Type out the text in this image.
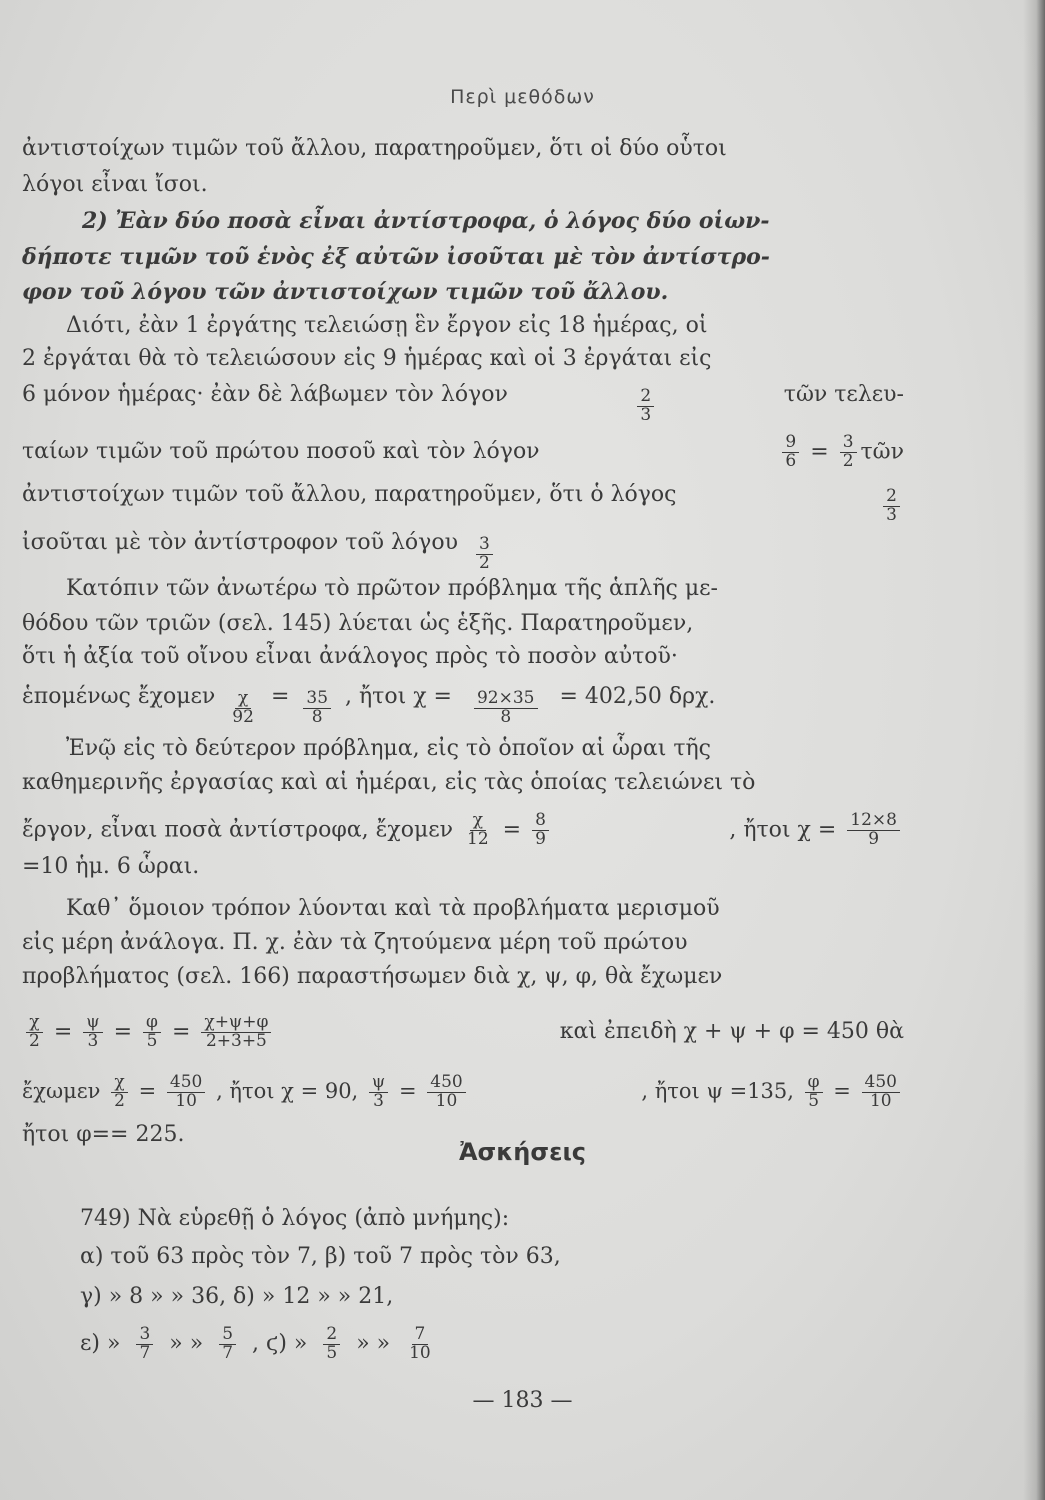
Περὶ μεθόδων
ἀντιστοίχων τιμῶν τοῦ ἄλλου, παρατηροῦμεν, ὅτι οἱ δύο οὗτοι
λόγοι εἶναι ἴσοι.
2) Ἐὰν δύο ποσὰ εἶναι ἀντίστροφα, ὁ λόγος δύο οἱων-
δήποτε τιμῶν τοῦ ἑνὸς ἐξ αὐτῶν ἰσοῦται μὲ τὸν ἀντίστρο-
φον τοῦ λόγου τῶν ἀντιστοίχων τιμῶν τοῦ ἄλλου.
Διότι, ἐὰν 1 ἐργάτης τελειώσῃ ἓν ἔργον εἰς 18 ἡμέρας, οἱ
2 ἐργάται θὰ τὸ τελειώσουν εἰς 9 ἡμέρας καὶ οἱ 3 ἐργάται εἰς
6 μόνον ἡμέρας· ἐὰν δὲ λάβωμεν τὸν λόγον	$\frac{2}{3}$	τῶν τελευ-
ταίων τιμῶν τοῦ πρώτου ποσοῦ καὶ τὸν λόγον	$\frac{9}{6} = \frac{3}{2}$ τῶν
ἀντιστοίχων τιμῶν τοῦ ἄλλου, παρατηροῦμεν, ὅτι ὁ λόγος	$\frac{2}{3}$
ἰσοῦται μὲ τὸν ἀντίστροφον τοῦ λόγου $\frac{3}{2}$
Κατόπιν τῶν ἀνωτέρω τὸ πρῶτον πρόβλημα τῆς ἁπλῆς με-
θόδου τῶν τριῶν (σελ. 145) λύεται ὡς ἑξῆς. Παρατηροῦμεν,
ὅτι ἡ ἀξία τοῦ οἴνου εἶναι ἀνάλογος πρὸς τὸ ποσὸν αὐτοῦ·
ἑπομένως ἔχομεν $\frac{\chi}{92} = \frac{35}{8}$ , ἤτοι $\chi = \frac{92\times 35}{8} = 402,50$ δρχ.
Ἐνῷ εἰς τὸ δεύτερον πρόβλημα, εἰς τὸ ὁποῖον αἱ ὧραι τῆς
καθημερινῆς ἐργασίας καὶ αἱ ἡμέραι, εἰς τὰς ὁποίας τελειώνει τὸ
ἔργον, εἶναι ποσὰ ἀντίστροφα, ἔχομεν $\frac{\chi}{12} = \frac{8}{9}$	, ἤτοι $\chi = \frac{12\times 8}{9}$
=10 ἡμ. 6 ὧραι.
Καθ᾽ ὅμοιον τρόπον λύονται καὶ τὰ προβλήματα μερισμοῦ
εἰς μέρη ἀνάλογα. Π. χ. ἐὰν τὰ ζητούμενα μέρη τοῦ πρώτου
προβλήματος (σελ. 166) παραστήσωμεν διὰ χ, ψ, φ, θὰ ἔχωμεν
$\frac{\chi}{2} = \frac{\psi}{3} = \frac{\varphi}{5} = \frac{\chi+\psi+\varphi}{2+3+5}$	καὶ ἐπειδὴ χ + ψ + φ = 450 θὰ
ἔχωμεν $\frac{\chi}{2} = \frac{450}{10}$ , ἤτοι χ = 90, $\frac{\psi}{3} = \frac{450}{10}$	, ἤτοι ψ =135, $\frac{\varphi}{5} = \frac{450}{10}$
ἤτοι φ== 225.
Ἀσκήσεις
749) Νὰ εὑρεθῇ ὁ λόγος (ἀπὸ μνήμης):
α) τοῦ 63 πρὸς τὸν 7, β) τοῦ 7 πρὸς τὸν 63,
γ) » 8 » » 36, δ) » 12 » » 21,
ε) » $\frac{3}{7}$ » » $\frac{5}{7}$ , ϛ) » $\frac{2}{5}$ » » $\frac{7}{10}$
— 183 —
